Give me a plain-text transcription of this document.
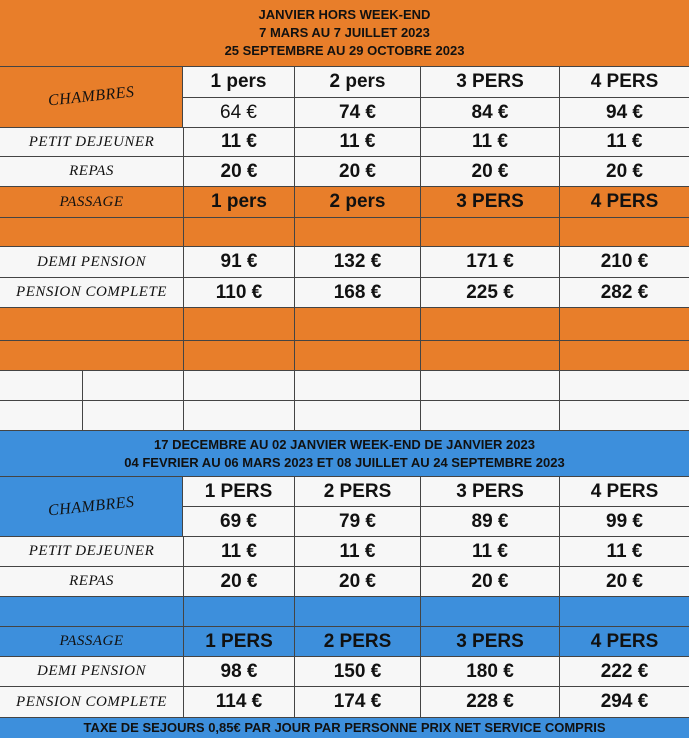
JANVIER HORS WEEK-END
7 MARS AU 7 JUILLET 2023
25 SEPTEMBRE AU 29 OCTOBRE 2023
CHAMBRES
1 pers	2 pers	3 PERS	4 PERS
64 €	74 €	84 €	94 €
PETIT DEJEUNER	11 €	11 €	11 €	11 €
REPAS	20 €	20 €	20 €	20 €
PASSAGE	1 pers	2 pers	3 PERS	4 PERS
DEMI PENSION	91 €	132 €	171 €	210 €
PENSION COMPLETE	110 €	168 €	225 €	282 €
17 DECEMBRE AU 02 JANVIER WEEK-END DE JANVIER 2023
04 FEVRIER AU 06 MARS 2023 ET 08 JUILLET AU 24 SEPTEMBRE 2023
CHAMBRES
1 PERS	2 PERS	3 PERS	4 PERS
69 €	79 €	89 €	99 €
PETIT DEJEUNER	11 €	11 €	11 €	11 €
REPAS	20 €	20 €	20 €	20 €
PASSAGE	1 PERS	2 PERS	3 PERS	4 PERS
DEMI PENSION	98 €	150 €	180 €	222 €
PENSION COMPLETE	114 €	174 €	228 €	294 €
TAXE DE SEJOURS 0,85€ PAR JOUR PAR PERSONNE PRIX NET SERVICE COMPRIS
